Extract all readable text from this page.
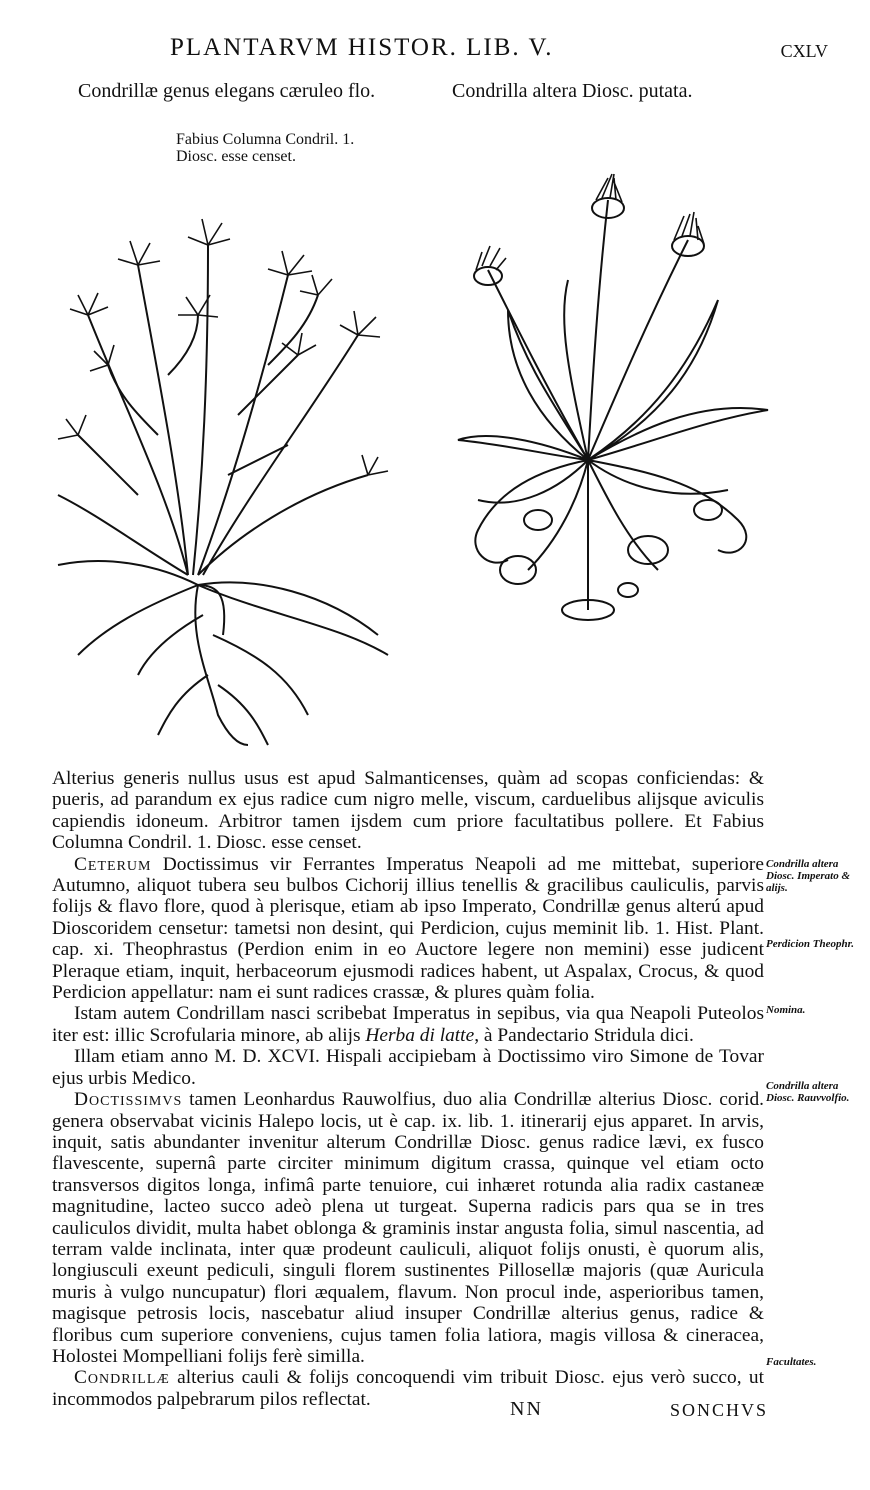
PLANTARVM HISTOR. LIB. V.	cxlv
Condrillæ genus elegans cæruleo flo.	Condrilla altera Diosc. putata.
Fabius Columna Condril. 1. Diosc. esse censet.

Alterius generis nullus usus est apud Salmanticenses, quàm ad scopas conficiendas: & pueris, ad parandum ex ejus radice cum nigro melle, viscum, carduelibus alijsque aviculis capiendis idoneum. Arbitror tamen ijsdem cum priore facultatibus pollere. Et Fabius Columna Condril. 1. Diosc. esse censet.

Ceterum Doctissimus vir Ferrantes Imperatus Neapoli ad me mittebat, superiore Autumno, aliquot tubera seu bulbos Cichorij illius tenellis & gracilibus cauliculis, parvis folijs & flavo flore, quod à plerisque, etiam ab ipso Imperato, Condrillæ genus alterú apud Dioscoridem censetur: tametsi non desint, qui Perdicion, cujus meminit lib. 1. Hist. Plant. cap. xi. Theophrastus (Perdion enim in eo Auctore legere non memini) esse judicent Pleraque etiam, inquit, herbaceorum ejusmodi radices habent, ut Aspalax, Crocus, & quod Perdicion appellatur: nam ei sunt radices crassæ, & plures quàm folia.

Istam autem Condrillam nasci scribebat Imperatus in sepibus, via qua Neapoli Puteolos iter est: illic Scrofularia minore, ab alijs Herba di latte, à Pandectario Stridula dici.

Illam etiam anno M. D. XCVI. Hispali accipiebam à Doctissimo viro Simone de Tovar ejus urbis Medico.

Doctissimvs tamen Leonhardus Rauwolfius, duo alia Condrillæ alterius Diosc. corid. genera observabat vicinis Halepo locis, ut è cap. ix. lib. 1. itinerarij ejus apparet. In arvis, inquit, satis abundanter invenitur alterum Condrillæ Diosc. genus radice lævi, ex fusco flavescente, supernâ parte circiter minimum digitum crassa, quinque vel etiam octo transversos digitos longa, infimâ parte tenuiore, cui inhæret rotunda alia radix castaneæ magnitudine, lacteo succo adeò plena ut turgeat. Superna radicis pars qua se in tres cauliculos dividit, multa habet oblonga & graminis instar angusta folia, simul nascentia, ad terram valde inclinata, inter quæ prodeunt cauliculi, aliquot folijs onusti, è quorum alis, longiusculi exeunt pediculi, singuli florem sustinentes Pillosellæ majoris (quæ Auricula muris à vulgo nuncupatur) flori æqualem, flavum. Non procul inde, asperioribus tamen, magisque petrosis locis, nascebatur aliud insuper Condrillæ alterius genus, radice & floribus cum superiore conveniens, cujus tamen folia latiora, magis villosa & cineracea, Holostei Mompelliani folijs ferè similla.

Condrillæ alterius cauli & folijs concoquendi vim tribuit Diosc. ejus verò succo, ut incommodos palpebrarum pilos reflectat.

Condrilla altera Diosc. Imperato & alijs.
Perdicion Theophr.
Nomina.
Condrilla altera Diosc. Rauvvolfio.
Facultates.
NN	SONCHVS
